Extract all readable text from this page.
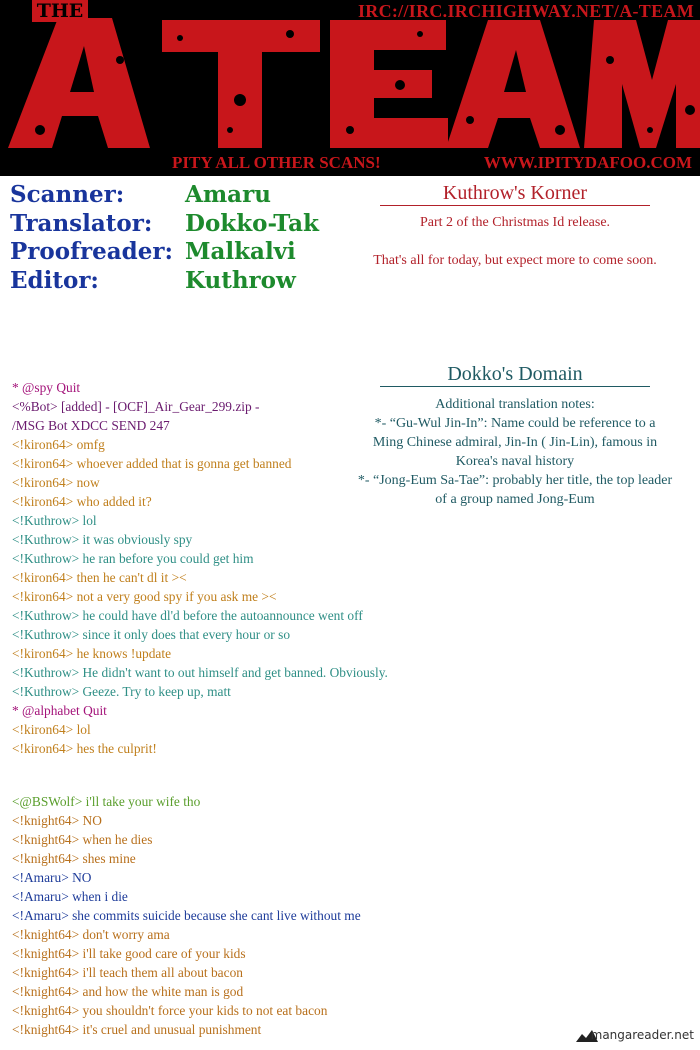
THE	IRC://IRC.IRCHIGHWAY.NET/A-TEAM
PITY ALL OTHER SCANS!	WWW.IPITYDAFOO.COM
Scanner:	Amaru
Translator: Dokko-Tak
Proofreader: Malkalvi
Editor:	Kuthrow
Kuthrow's Korner
Part 2 of the Christmas Id release.
That's all for today, but expect more to come soon.
Dokko's Domain
Additional translation notes:
*- “Gu-Wul Jin-In”: Name could be reference to a
Ming Chinese admiral, Jin-In ( Jin-Lin), famous in
Korea's naval history
*- “Jong-Eum Sa-Tae”: probably her title, the top leader
of a group named Jong-Eum
* @spy Quit
<%Bot> [added] - [OCF]_Air_Gear_299.zip -
/MSG Bot XDCC SEND 247
<!kiron64> omfg
<!kiron64> whoever added that is gonna get banned
<!kiron64> now
<!kiron64> who added it?
<!Kuthrow> lol
<!Kuthrow> it was obviously spy
<!Kuthrow> he ran before you could get him
<!kiron64> then he can't dl it ><
<!kiron64> not a very good spy if you ask me ><
<!Kuthrow> he could have dl'd before the autoannounce went off
<!Kuthrow> since it only does that every hour or so
<!kiron64> he knows !update
<!Kuthrow> He didn't want to out himself and get banned. Obviously.
<!Kuthrow> Geeze. Try to keep up, matt
* @alphabet Quit
<!kiron64> lol
<!kiron64> hes the culprit!
<@BSWolf> i'll take your wife tho
<!knight64> NO
<!knight64> when he dies
<!knight64> shes mine
<!Amaru> NO
<!Amaru> when i die
<!Amaru> she commits suicide because she cant live without me
<!knight64> don't worry ama
<!knight64> i'll take good care of your kids
<!knight64> i'll teach them all about bacon
<!knight64> and how the white man is god
<!knight64> you shouldn't force your kids to not eat bacon
<!knight64> it's cruel and unusual punishment	mangareader.net
